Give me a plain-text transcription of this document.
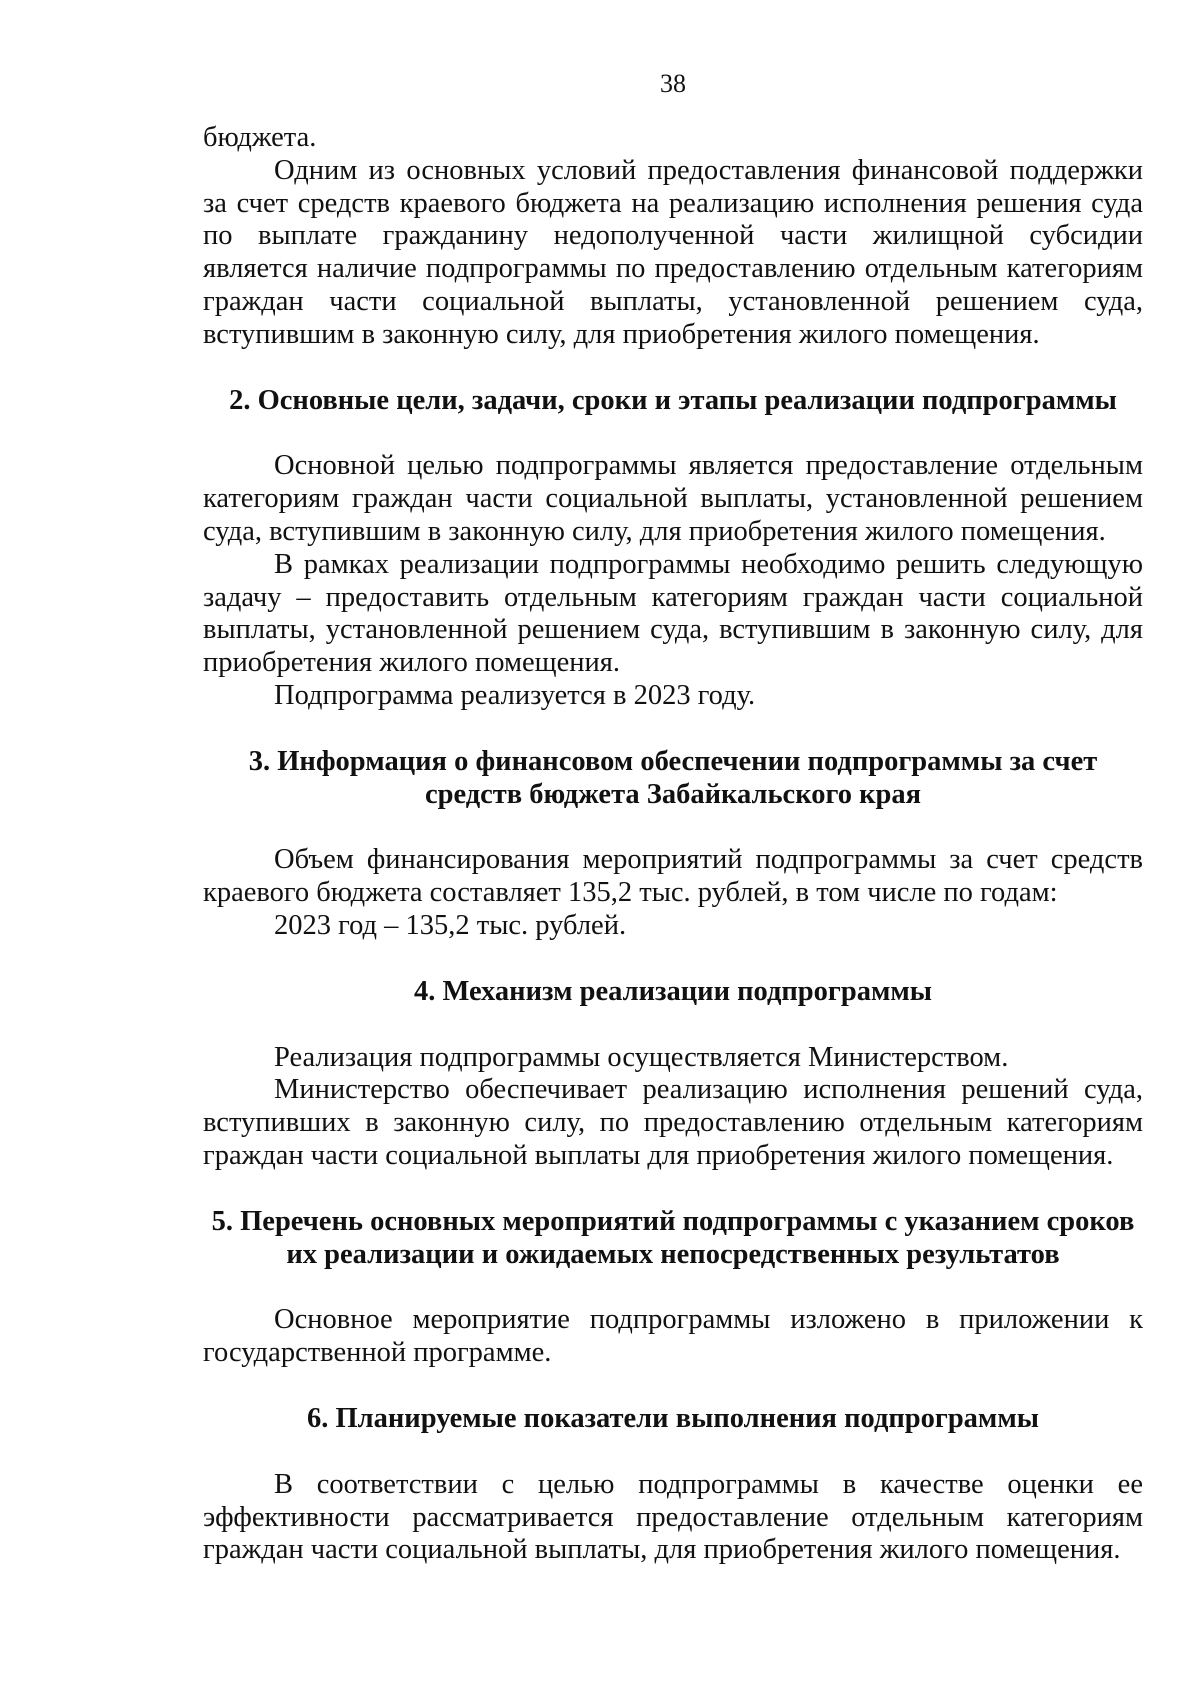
38

бюджета.

Одним из основных условий предоставления финансовой поддержки за счет средств краевого бюджета на реализацию исполнения решения суда по выплате гражданину недополученной части жилищной субсидии является наличие подпрограммы по предоставлению отдельным категориям граждан части социальной выплаты, установленной решением суда, вступившим в законную силу, для приобретения жилого помещения.

2. Основные цели, задачи, сроки и этапы реализации подпрограммы

Основной целью подпрограммы является предоставление отдельным категориям граждан части социальной выплаты, установленной решением суда, вступившим в законную силу, для приобретения жилого помещения.

В рамках реализации подпрограммы необходимо решить следующую задачу – предоставить отдельным категориям граждан части социальной выплаты, установленной решением суда, вступившим в законную силу, для приобретения жилого помещения.

Подпрограмма реализуется в 2023 году.

3. Информация о финансовом обеспечении подпрограммы за счет
средств бюджета Забайкальского края

Объем финансирования мероприятий подпрограммы за счет средств краевого бюджета составляет 135,2 тыс. рублей, в том числе по годам:

2023 год – 135,2 тыс. рублей.

4. Механизм реализации подпрограммы

Реализация подпрограммы осуществляется Министерством.

Министерство обеспечивает реализацию исполнения решений суда, вступивших в законную силу, по предоставлению отдельным категориям граждан части социальной выплаты для приобретения жилого помещения.

5. Перечень основных мероприятий подпрограммы с указанием сроков
их реализации и ожидаемых непосредственных результатов

Основное мероприятие подпрограммы изложено в приложении к государственной программе.

6. Планируемые показатели выполнения подпрограммы

В соответствии с целью подпрограммы в качестве оценки ее эффективности рассматривается предоставление отдельным категориям граждан части социальной выплаты, для приобретения жилого помещения.
